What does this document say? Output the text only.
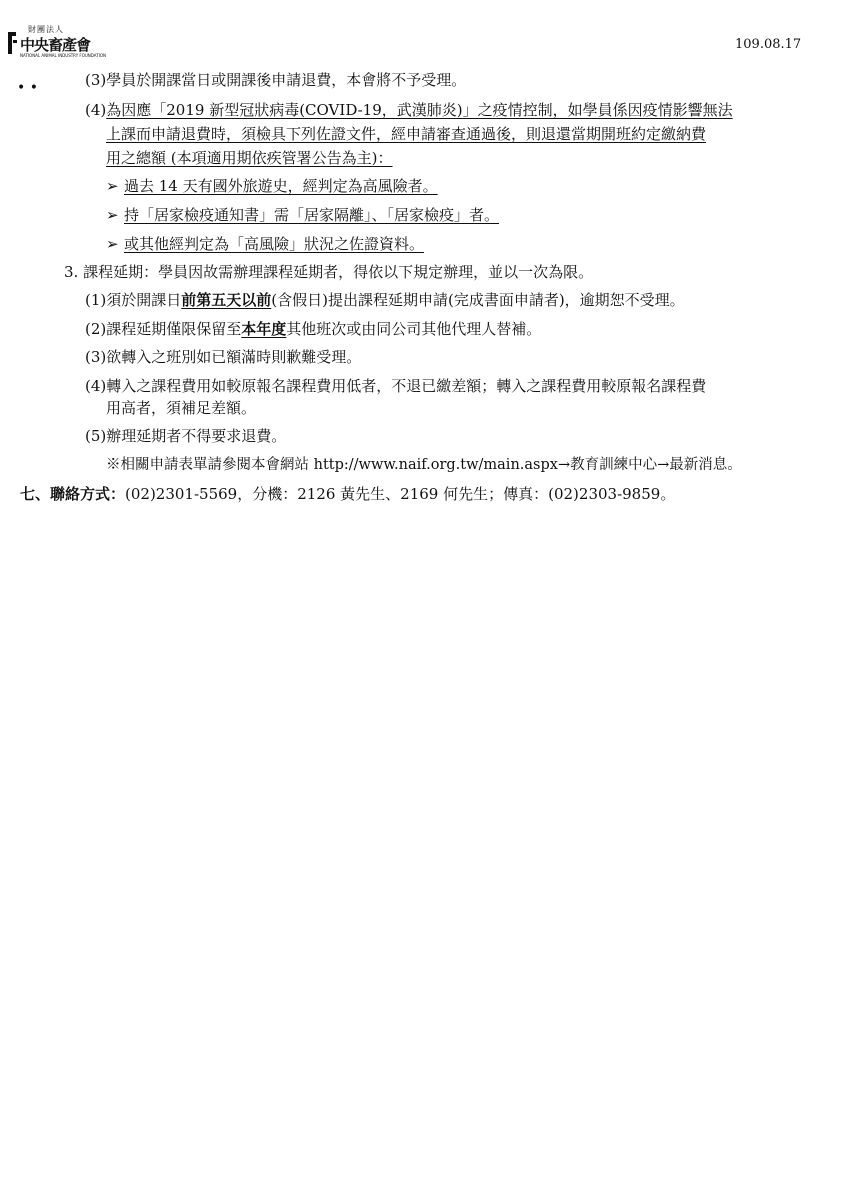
財團法人
中央畜產會
NATIONAL ANIMAL INDUSTRY FOUNDATION
109.08.17
• •	(3)學員於開課當日或開課後申請退費，本會將不予受理。
(4)為因應「2019 新型冠狀病毒(COVID-19，武漢肺炎)」之疫情控制，如學員係因疫情影響無法
上課而申請退費時，須檢具下列佐證文件，經申請審查通過後，則退還當期開班約定繳納費
用之總額 (本項適用期依疾管署公告為主)：
➢ 過去 14 天有國外旅遊史，經判定為高風險者。
➢ 持「居家檢疫通知書」需「居家隔離」、「居家檢疫」者。
➢ 或其他經判定為「高風險」狀況之佐證資料。
3. 課程延期：學員因故需辦理課程延期者，得依以下規定辦理，並以一次為限。
(1)須於開課日前第五天以前(含假日)提出課程延期申請(完成書面申請者)，逾期恕不受理。
(2)課程延期僅限保留至本年度其他班次或由同公司其他代理人替補。
(3)欲轉入之班別如已額滿時則歉難受理。
(4)轉入之課程費用如較原報名課程費用低者，不退已繳差額；轉入之課程費用較原報名課程費
用高者，須補足差額。
(5)辦理延期者不得要求退費。
※相關申請表單請參閱本會網站 http://www.naif.org.tw/main.aspx→教育訓練中心→最新消息。
七、聯絡方式：(02)2301-5569，分機：2126 黃先生、2169 何先生；傳真：(02)2303-9859。
